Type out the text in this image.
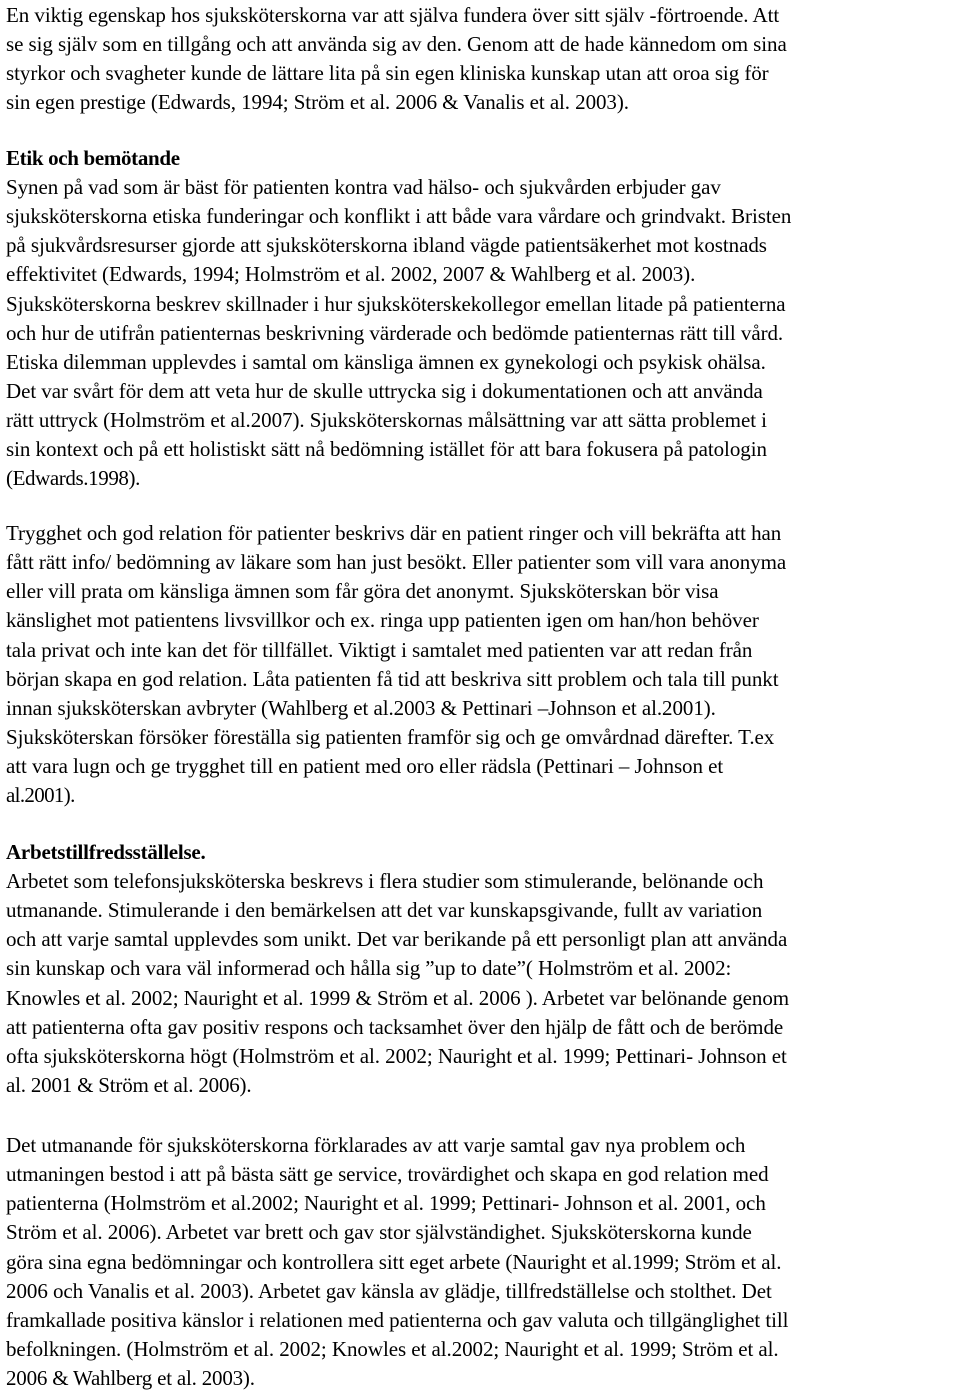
En viktig egenskap hos sjuksköterskorna var att själva fundera över sitt själv -förtroende. Att
se sig själv som en tillgång och att använda sig av den. Genom att de hade kännedom om sina
styrkor och svagheter kunde de lättare lita på sin egen kliniska kunskap utan att oroa sig för
sin egen prestige (Edwards, 1994; Ström et al. 2006 & Vanalis et al. 2003).
Etik och bemötande
Synen på vad som är bäst för patienten kontra vad hälso- och sjukvården erbjuder gav
sjuksköterskorna etiska funderingar och konflikt i att både vara vårdare och grindvakt. Bristen
på sjukvårdsresurser gjorde att sjuksköterskorna ibland vägde patientsäkerhet mot kostnads
effektivitet (Edwards, 1994; Holmström et al. 2002, 2007 & Wahlberg et al. 2003).
Sjuksköterskorna beskrev skillnader i hur sjuksköterskekollegor emellan litade på patienterna
och hur de utifrån patienternas beskrivning värderade och bedömde patienternas rätt till vård.
Etiska dilemman upplevdes i samtal om känsliga ämnen ex gynekologi och psykisk ohälsa.
Det var svårt för dem att veta hur de skulle uttrycka sig i dokumentationen och att använda
rätt uttryck (Holmström et al.2007). Sjuksköterskornas målsättning var att sätta problemet i
sin kontext och på ett holistiskt sätt nå bedömning istället för att bara fokusera på patologin
(Edwards.1998).
Trygghet och god relation för patienter beskrivs där en patient ringer och vill bekräfta att han
fått rätt info/ bedömning av läkare som han just besökt. Eller patienter som vill vara anonyma
eller vill prata om känsliga ämnen som får göra det anonymt. Sjuksköterskan bör visa
känslighet mot patientens livsvillkor och ex. ringa upp patienten igen om han/hon behöver
tala privat och inte kan det för tillfället. Viktigt i samtalet med patienten var att redan från
början skapa en god relation. Låta patienten få tid att beskriva sitt problem och tala till punkt
innan sjuksköterskan avbryter (Wahlberg et al.2003 & Pettinari –Johnson et al.2001).
Sjuksköterskan försöker föreställa sig patienten framför sig och ge omvårdnad därefter. T.ex
att vara lugn och ge trygghet till en patient med oro eller rädsla (Pettinari – Johnson et
al.2001).
Arbetstillfredsställelse.
Arbetet som telefonsjuksköterska beskrevs i flera studier som stimulerande, belönande och
utmanande. Stimulerande i den bemärkelsen att det var kunskapsgivande, fullt av variation
och att varje samtal upplevdes som unikt. Det var berikande på ett personligt plan att använda
sin kunskap och vara väl informerad och hålla sig ”up to date”( Holmström et al. 2002:
Knowles et al. 2002; Nauright et al. 1999 & Ström et al. 2006 ). Arbetet var belönande genom
att patienterna ofta gav positiv respons och tacksamhet över den hjälp de fått och de berömde
ofta sjuksköterskorna högt (Holmström et al. 2002; Nauright et al. 1999; Pettinari- Johnson et
al. 2001 & Ström et al. 2006).
Det utmanande för sjuksköterskorna förklarades av att varje samtal gav nya problem och
utmaningen bestod i att på bästa sätt ge service, trovärdighet och skapa en god relation med
patienterna (Holmström et al.2002; Nauright et al. 1999; Pettinari- Johnson et al. 2001, och
Ström et al. 2006). Arbetet var brett och gav stor självständighet. Sjuksköterskorna kunde
göra sina egna bedömningar och kontrollera sitt eget arbete (Nauright et al.1999; Ström et al.
2006 och Vanalis et al. 2003). Arbetet gav känsla av glädje, tillfredställelse och stolthet. Det
framkallade positiva känslor i relationen med patienterna och gav valuta och tillgänglighet till
befolkningen. (Holmström et al. 2002; Knowles et al.2002; Nauright et al. 1999; Ström et al.
2006 & Wahlberg et al. 2003).
